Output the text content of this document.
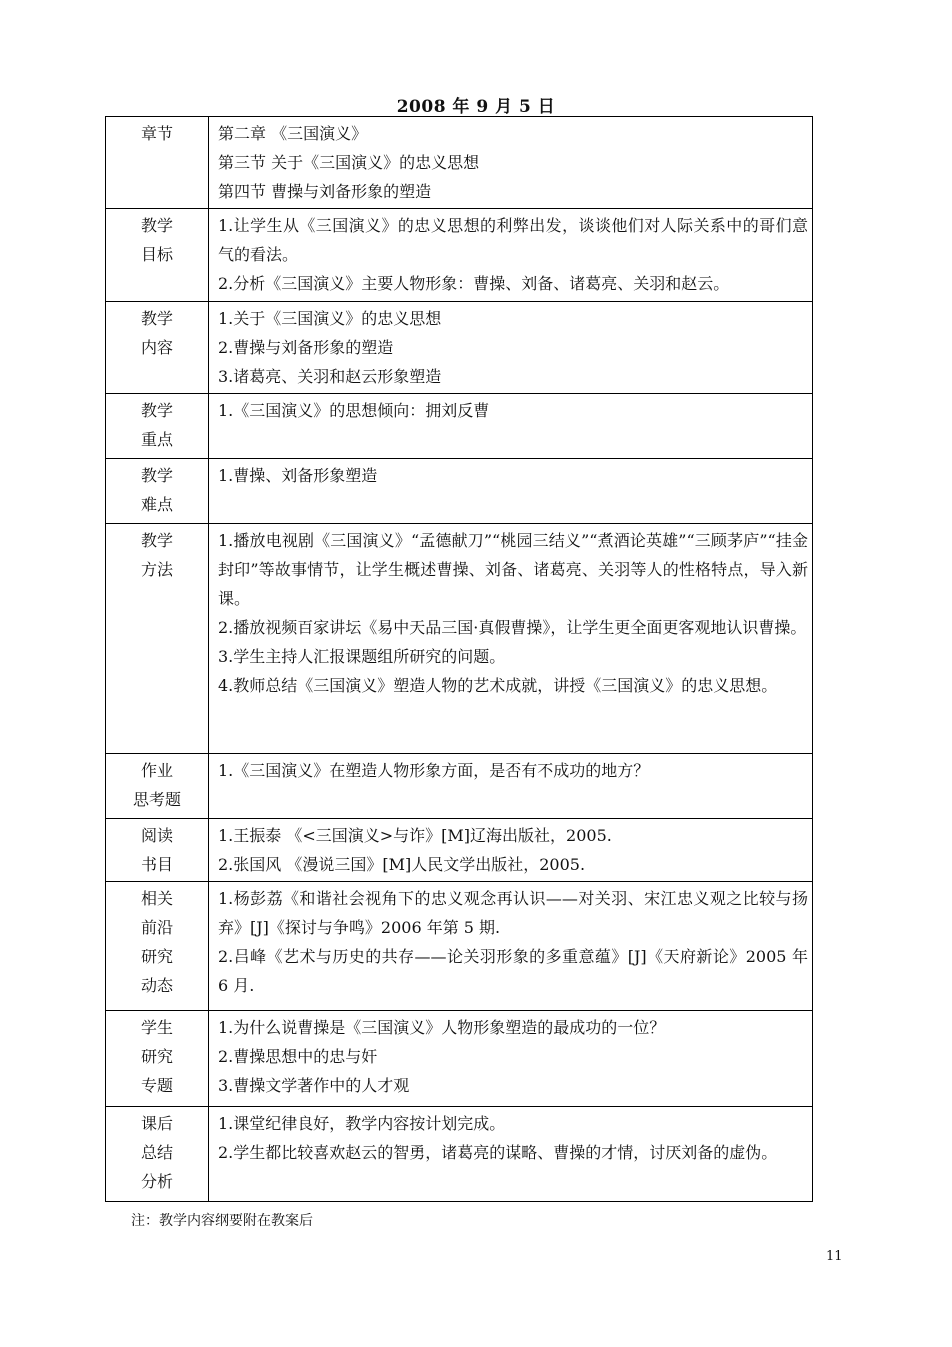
2008 年 9 月 5 日
章节	第二章 《三国演义》
第三节 关于《三国演义》的忠义思想
第四节 曹操与刘备形象的塑造

教学
目标	1.让学生从《三国演义》的忠义思想的利弊出发，谈谈他们对人际关系中的哥们意气的看法。
2.分析《三国演义》主要人物形象：曹操、刘备、诸葛亮、关羽和赵云。

教学
内容	1.关于《三国演义》的忠义思想
2.曹操与刘备形象的塑造
3.诸葛亮、关羽和赵云形象塑造

教学
重点	1.《三国演义》的思想倾向：拥刘反曹

教学
难点	1.曹操、刘备形象塑造

教学
方法	1.播放电视剧《三国演义》“孟德献刀”“桃园三结义”“煮酒论英雄”“三顾茅庐”“挂金封印”等故事情节，让学生概述曹操、刘备、诸葛亮、关羽等人的性格特点，导入新课。
2.播放视频百家讲坛《易中天品三国·真假曹操》，让学生更全面更客观地认识曹操。
3.学生主持人汇报课题组所研究的问题。
4.教师总结《三国演义》塑造人物的艺术成就，讲授《三国演义》的忠义思想。

作业
思考题	1.《三国演义》在塑造人物形象方面，是否有不成功的地方？

阅读
书目	1.王振泰 《<三国演义>与诈》[M]辽海出版社，2005.
2.张国风 《漫说三国》[M]人民文学出版社，2005.

相关
前沿
研究
动态	1.杨彭荔《和谐社会视角下的忠义观念再认识——对关羽、宋江忠义观之比较与扬弃》[J]《探讨与争鸣》2006 年第 5 期.
2.吕峰《艺术与历史的共存——论关羽形象的多重意蕴》[J]《天府新论》2005 年 6 月.

学生
研究
专题	1.为什么说曹操是《三国演义》人物形象塑造的最成功的一位？
2.曹操思想中的忠与奸
3.曹操文学著作中的人才观

课后
总结
分析	1.课堂纪律良好，教学内容按计划完成。
2.学生都比较喜欢赵云的智勇，诸葛亮的谋略、曹操的才情，讨厌刘备的虚伪。
注：教学内容纲要附在教案后
11
